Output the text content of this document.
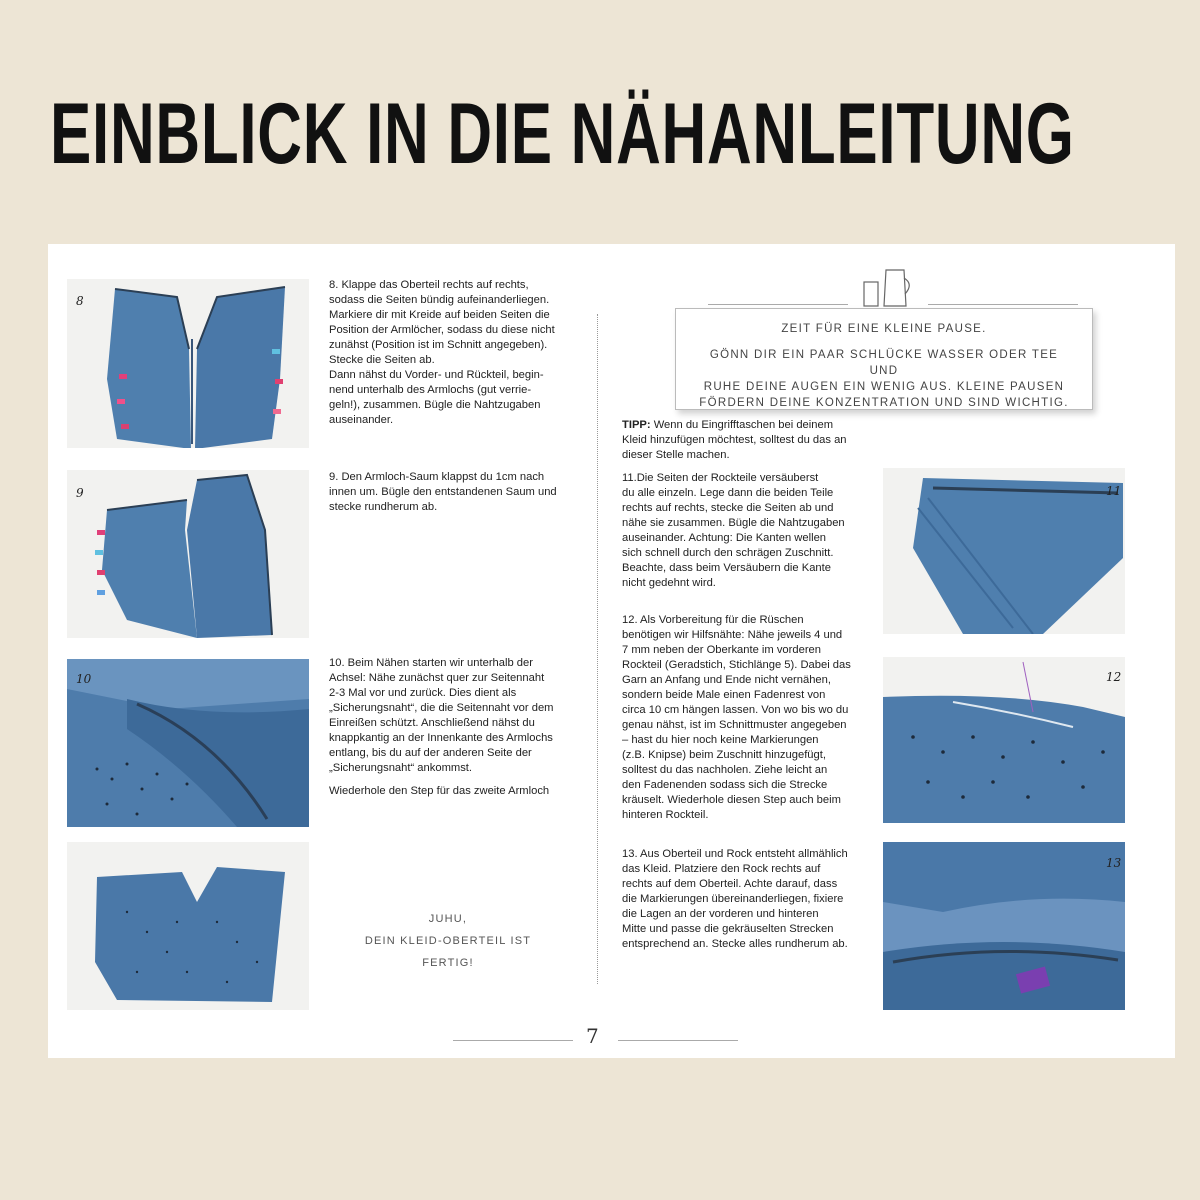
EINBLICK IN DIE NÄHANLEITUNG
8

8. Klappe das Oberteil rechts auf rechts,

sodass die Seiten bündig aufeinanderliegen.

Markiere dir mit Kreide auf beiden Seiten die

Position der Armlöcher, sodass du diese nicht

zunähst (Position ist im Schnitt angegeben).

Stecke die Seiten ab.

Dann nähst du Vorder- und Rückteil, begin-

nend unterhalb des Armlochs (gut verrie-

geln!), zusammen. Bügle die Nahtzugaben

auseinander.

9

9. Den Armloch-Saum klappst du 1cm nach

innen um. Bügle den entstandenen Saum und

stecke rundherum ab.

10

10. Beim Nähen starten wir unterhalb der

Achsel: Nähe zunächst quer zur Seitennaht

2-3 Mal vor und zurück. Dies dient als

„Sicherungsnaht“, die die Seitennaht vor dem

Einreißen schützt. Anschließend nähst du

knappkantig an der Innenkante des Armlochs

entlang, bis du auf der anderen Seite der

„Sicherungsnaht“ ankommst.

Wiederhole den Step für das zweite Armloch

JUHU,
DEIN KLEID-OBERTEIL IST FERTIG!
ZEIT FÜR EINE KLEINE PAUSE.
GÖNN DIR EIN PAAR SCHLÜCKE WASSER ODER TEE UND
RUHE DEINE AUGEN EIN WENIG AUS. KLEINE PAUSEN
FÖRDERN DEINE KONZENTRATION UND SIND WICHTIG.

TIPP: Wenn du Eingrifftaschen bei deinem

Kleid hinzufügen möchtest, solltest du das an

dieser Stelle machen.

11.Die Seiten der Rockteile versäuberst

du alle einzeln. Lege dann die beiden Teile

rechts auf rechts, stecke die Seiten ab und

nähe sie zusammen. Bügle die Nahtzugaben

auseinander. Achtung: Die Kanten wellen

sich schnell durch den schrägen Zuschnitt.

Beachte, dass beim Versäubern die Kante

nicht gedehnt wird.

11

12. Als Vorbereitung für die Rüschen

benötigen wir Hilfsnähte: Nähe jeweils 4 und

7 mm neben der Oberkante im vorderen

Rockteil (Geradstich, Stichlänge 5). Dabei das

Garn an Anfang und Ende nicht vernähen,

sondern beide Male einen Fadenrest von

circa 10 cm hängen lassen. Von wo bis wo du

genau nähst, ist im Schnittmuster angegeben

– hast du hier noch keine Markierungen

(z.B. Knipse) beim Zuschnitt hinzugefügt,

solltest du das nachholen. Ziehe leicht an

den Fadenenden sodass sich die Strecke

kräuselt. Wiederhole diesen Step auch beim

hinteren Rockteil.

12

13. Aus Oberteil und Rock entsteht allmählich

das Kleid. Platziere den Rock rechts auf

rechts auf dem Oberteil. Achte darauf, dass

die Markierungen übereinanderliegen, fixiere

die Lagen an der vorderen und hinteren

Mitte und passe die gekräuselten Strecken

entsprechend an. Stecke alles rundherum ab.

13
7
